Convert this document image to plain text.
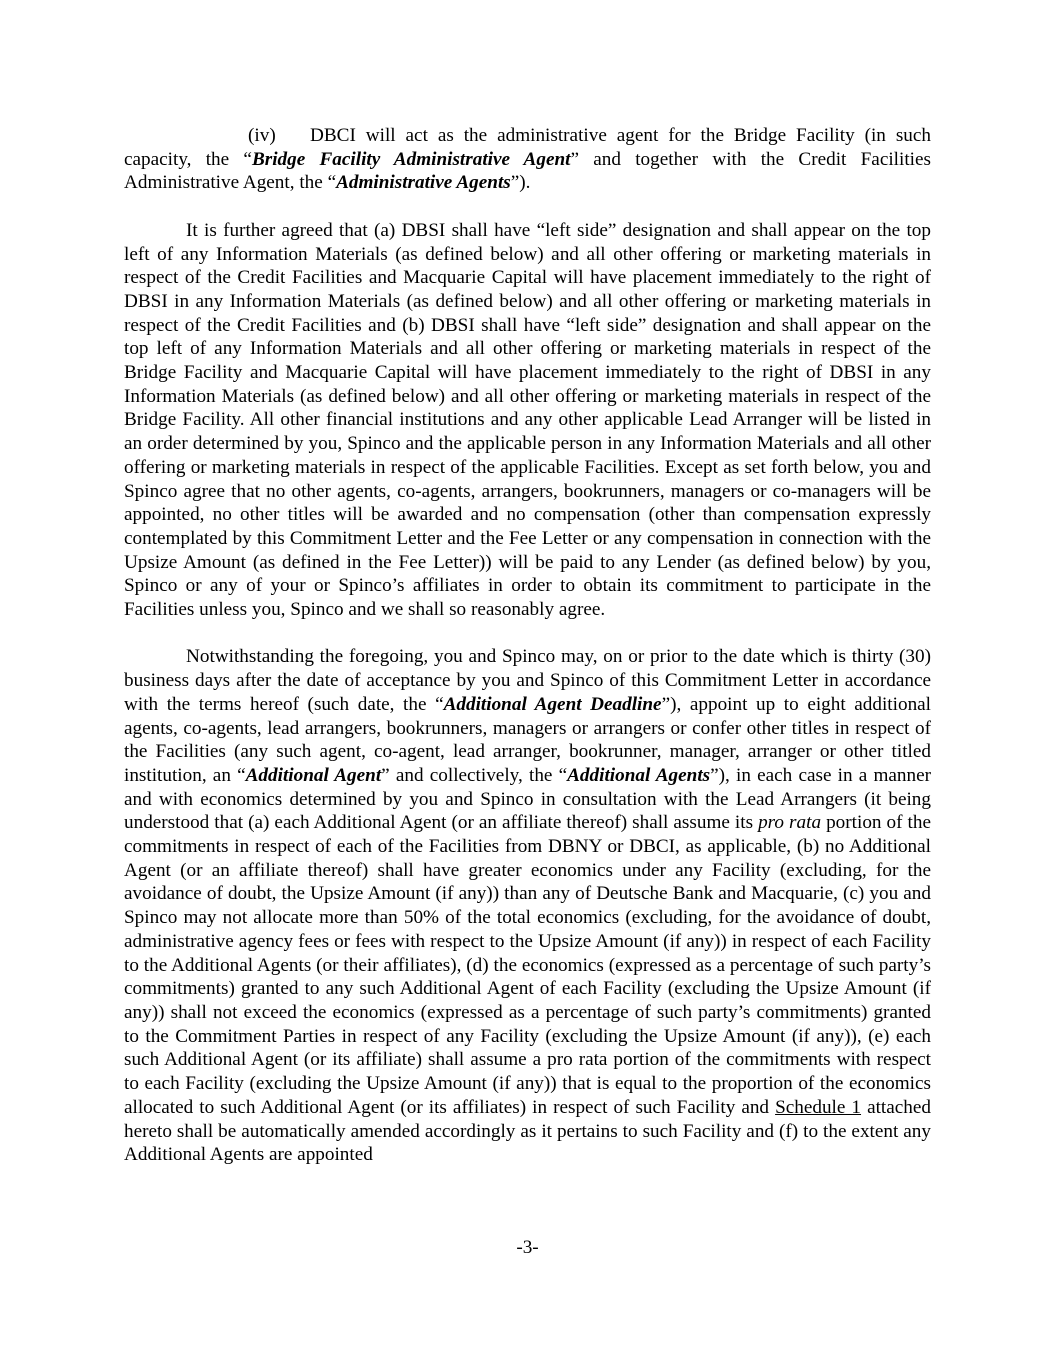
(iv) DBCI will act as the administrative agent for the Bridge Facility (in such capacity, the “Bridge Facility Administrative Agent” and together with the Credit Facilities Administrative Agent, the “Administrative Agents”).

It is further agreed that (a) DBSI shall have “left side” designation and shall appear on the top left of any Information Materials (as defined below) and all other offering or marketing materials in respect of the Credit Facilities and Macquarie Capital will have placement immediately to the right of DBSI in any Information Materials (as defined below) and all other offering or marketing materials in respect of the Credit Facilities and (b) DBSI shall have “left side” designation and shall appear on the top left of any Information Materials and all other offering or marketing materials in respect of the Bridge Facility and Macquarie Capital will have placement immediately to the right of DBSI in any Information Materials (as defined below) and all other offering or marketing materials in respect of the Bridge Facility. All other financial institutions and any other applicable Lead Arranger will be listed in an order determined by you, Spinco and the applicable person in any Information Materials and all other offering or marketing materials in respect of the applicable Facilities. Except as set forth below, you and Spinco agree that no other agents, co-agents, arrangers, bookrunners, managers or co-managers will be appointed, no other titles will be awarded and no compensation (other than compensation expressly contemplated by this Commitment Letter and the Fee Letter or any compensation in connection with the Upsize Amount (as defined in the Fee Letter)) will be paid to any Lender (as defined below) by you, Spinco or any of your or Spinco’s affiliates in order to obtain its commitment to participate in the Facilities unless you, Spinco and we shall so reasonably agree.

Notwithstanding the foregoing, you and Spinco may, on or prior to the date which is thirty (30) business days after the date of acceptance by you and Spinco of this Commitment Letter in accordance with the terms hereof (such date, the “Additional Agent Deadline”), appoint up to eight additional agents, co-agents, lead arrangers, bookrunners, managers or arrangers or confer other titles in respect of the Facilities (any such agent, co-agent, lead arranger, bookrunner, manager, arranger or other titled institution, an “Additional Agent” and collectively, the “Additional Agents”), in each case in a manner and with economics determined by you and Spinco in consultation with the Lead Arrangers (it being understood that (a) each Additional Agent (or an affiliate thereof) shall assume its pro rata portion of the commitments in respect of each of the Facilities from DBNY or DBCI, as applicable, (b) no Additional Agent (or an affiliate thereof) shall have greater economics under any Facility (excluding, for the avoidance of doubt, the Upsize Amount (if any)) than any of Deutsche Bank and Macquarie, (c) you and Spinco may not allocate more than 50% of the total economics (excluding, for the avoidance of doubt, administrative agency fees or fees with respect to the Upsize Amount (if any)) in respect of each Facility to the Additional Agents (or their affiliates), (d) the economics (expressed as a percentage of such party’s commitments) granted to any such Additional Agent of each Facility (excluding the Upsize Amount (if any)) shall not exceed the economics (expressed as a percentage of such party’s commitments) granted to the Commitment Parties in respect of any Facility (excluding the Upsize Amount (if any)), (e) each such Additional Agent (or its affiliate) shall assume a pro rata portion of the commitments with respect to each Facility (excluding the Upsize Amount (if any)) that is equal to the proportion of the economics allocated to such Additional Agent (or its affiliates) in respect of such Facility and Schedule 1 attached hereto shall be automatically amended accordingly as it pertains to such Facility and (f) to the extent any Additional Agents are appointed

-3-
